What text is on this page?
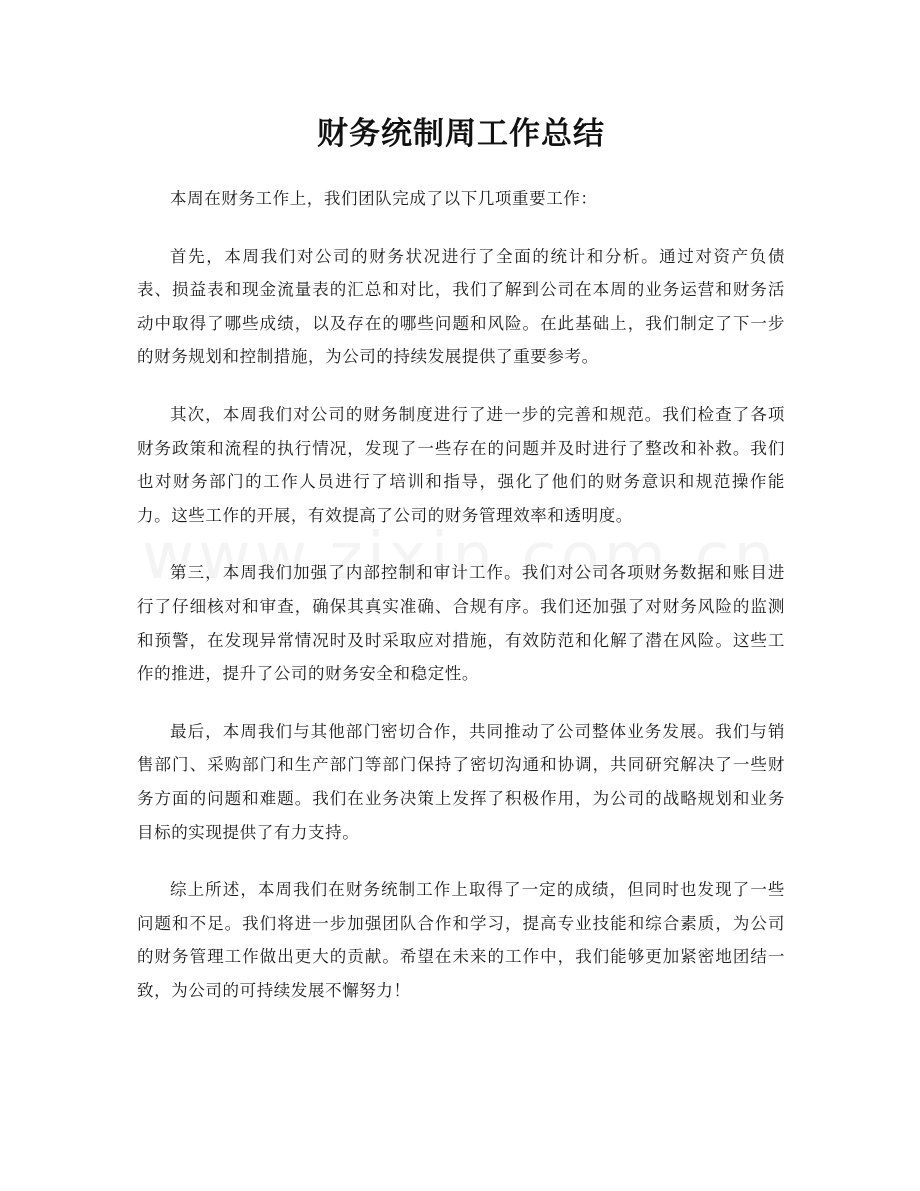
财务统制周工作总结

本周在财务工作上，我们团队完成了以下几项重要工作：

首先，本周我们对公司的财务状况进行了全面的统计和分析。通过对资产负债表、损益表和现金流量表的汇总和对比，我们了解到公司在本周的业务运营和财务活动中取得了哪些成绩，以及存在的哪些问题和风险。在此基础上，我们制定了下一步的财务规划和控制措施，为公司的持续发展提供了重要参考。

其次，本周我们对公司的财务制度进行了进一步的完善和规范。我们检查了各项财务政策和流程的执行情况，发现了一些存在的问题并及时进行了整改和补救。我们也对财务部门的工作人员进行了培训和指导，强化了他们的财务意识和规范操作能力。这些工作的开展，有效提高了公司的财务管理效率和透明度。

第三，本周我们加强了内部控制和审计工作。我们对公司各项财务数据和账目进行了仔细核对和审查，确保其真实准确、合规有序。我们还加强了对财务风险的监测和预警，在发现异常情况时及时采取应对措施，有效防范和化解了潜在风险。这些工作的推进，提升了公司的财务安全和稳定性。

最后，本周我们与其他部门密切合作，共同推动了公司整体业务发展。我们与销售部门、采购部门和生产部门等部门保持了密切沟通和协调，共同研究解决了一些财务方面的问题和难题。我们在业务决策上发挥了积极作用，为公司的战略规划和业务目标的实现提供了有力支持。

综上所述，本周我们在财务统制工作上取得了一定的成绩，但同时也发现了一些问题和不足。我们将进一步加强团队合作和学习，提高专业技能和综合素质，为公司的财务管理工作做出更大的贡献。希望在未来的工作中，我们能够更加紧密地团结一致，为公司的可持续发展不懈努力！
